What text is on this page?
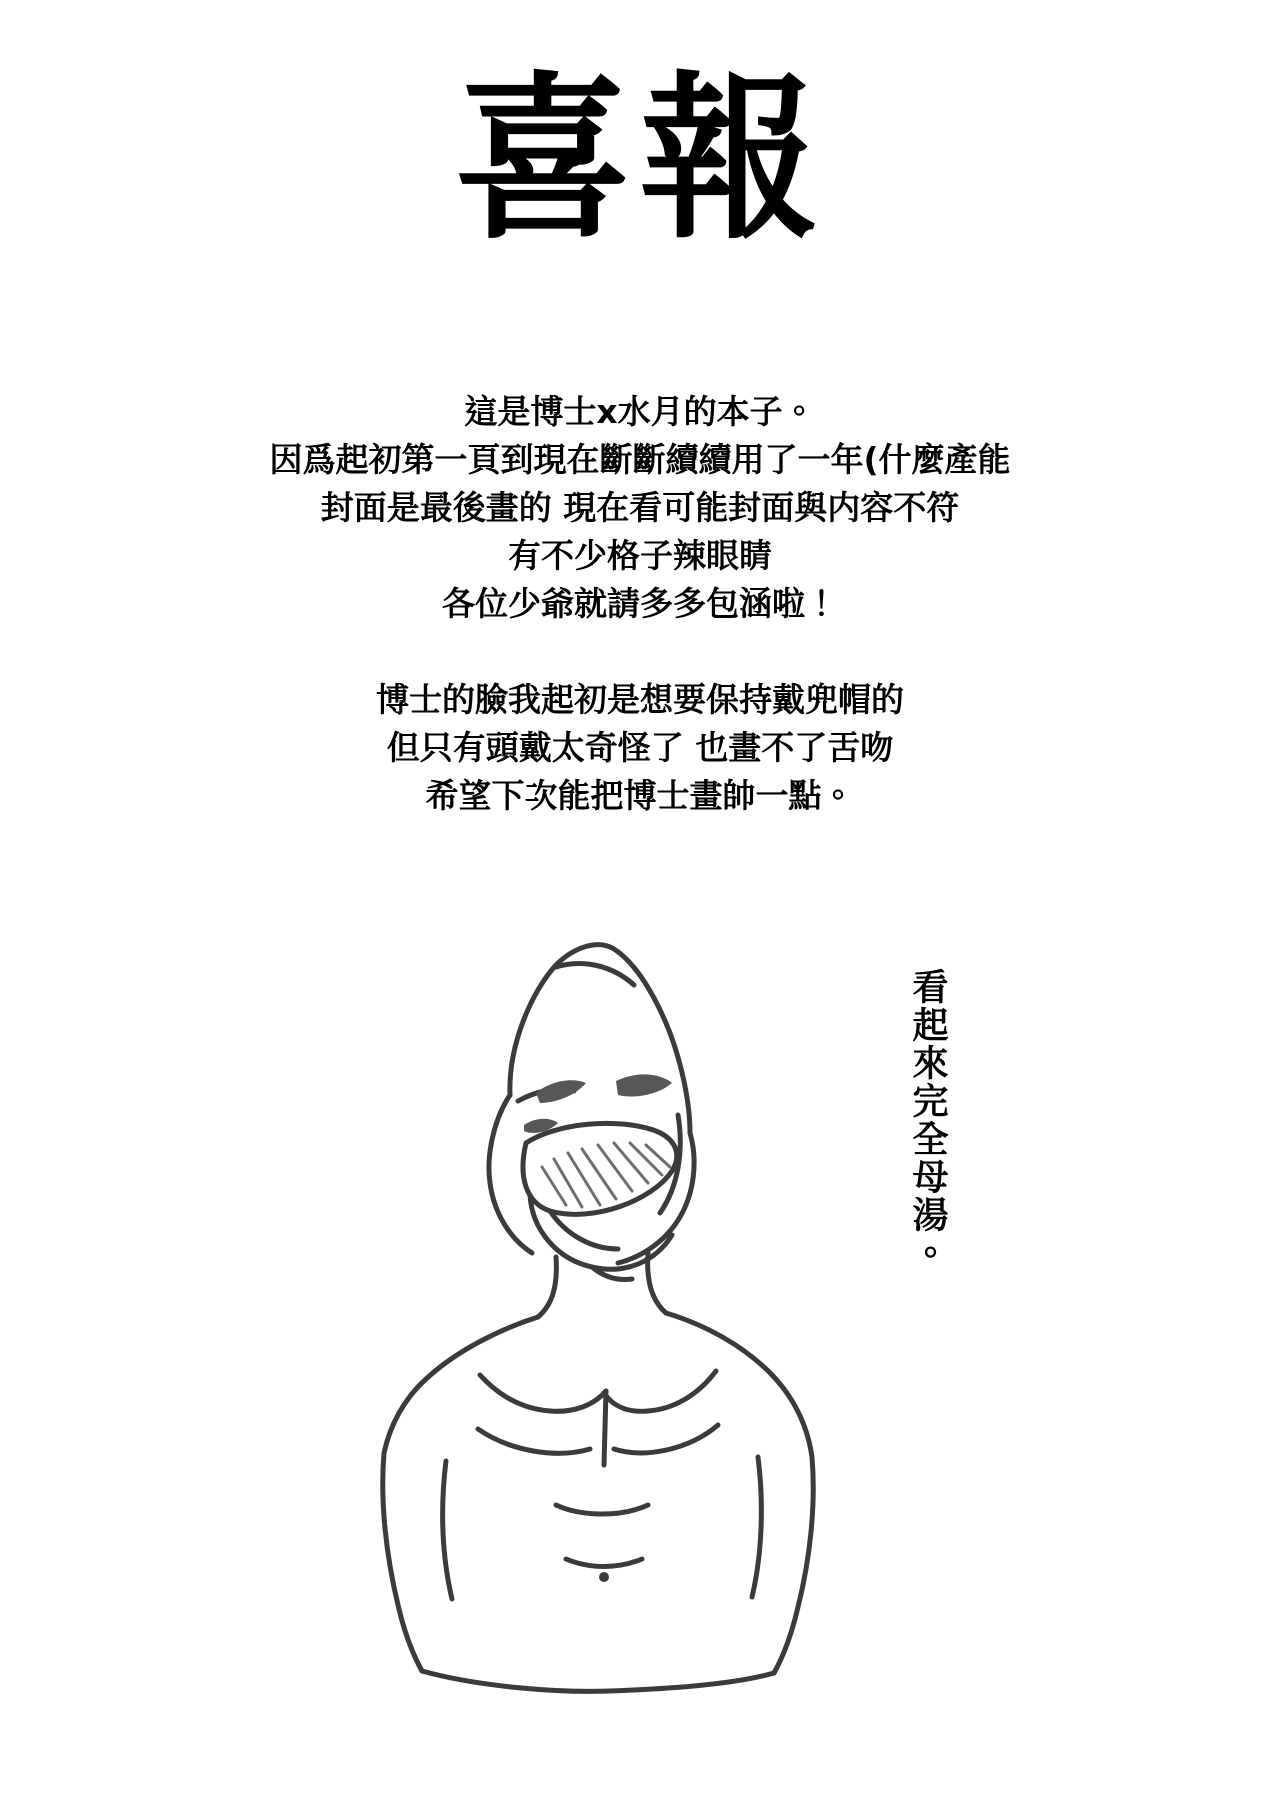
喜報
這是博士x水月的本子。
因爲起初第一頁到現在斷斷續續用了一年(什麼產能
封面是最後畫的 現在看可能封面與内容不符
有不少格子辣眼睛
各位少爺就請多多包涵啦！
博士的臉我起初是想要保持戴兜帽的
但只有頭戴太奇怪了 也畫不了舌吻
希望下次能把博士畫帥一點。
看起來完全母湯。
